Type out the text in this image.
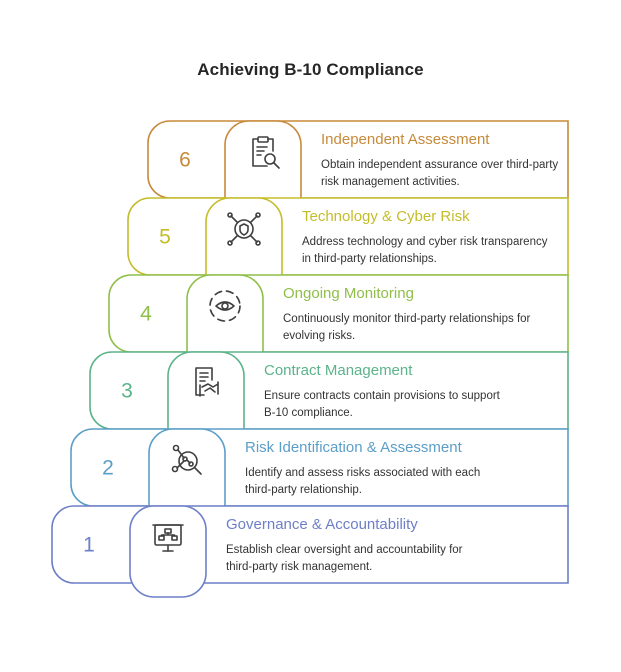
Achieving B-10 Compliance
6
5
4
3
2
1
Independent Assessment
Obtain independent assurance over third-party risk management activities.
Technology & Cyber Risk
Address technology and cyber risk transparency in third-party relationships.
Ongoing Monitoring
Continuously monitor third-party relationships for evolving risks.
Contract Management
Ensure contracts contain provisions to support B-10 compliance.
Risk Identification & Assessment
Identify and assess risks associated with each third-party relationship.
Governance & Accountability
Establish clear oversight and accountability for third-party risk management.
